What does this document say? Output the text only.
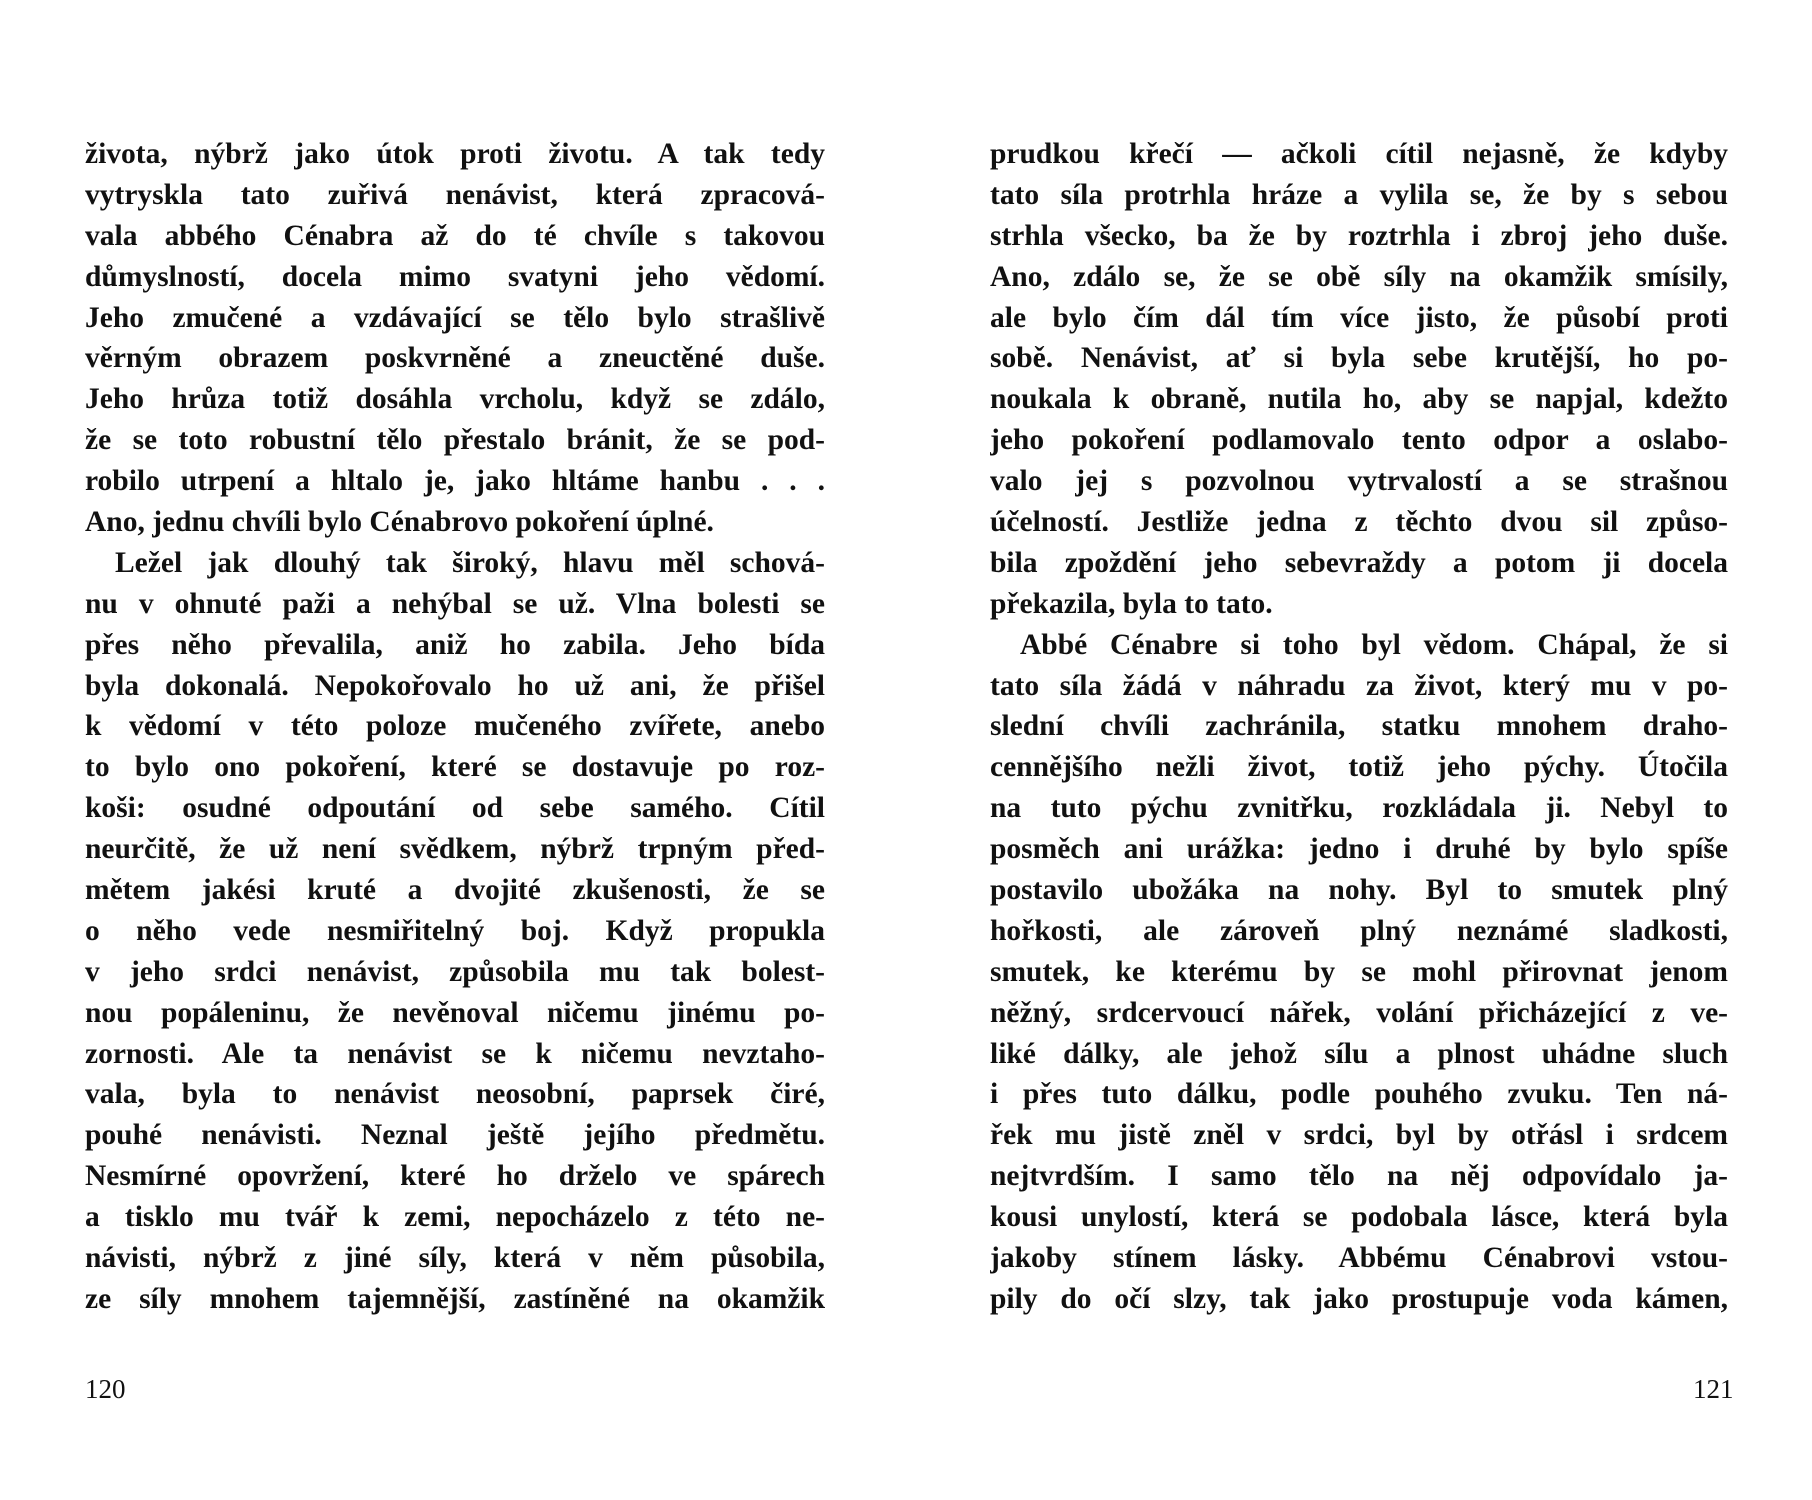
života, nýbrž jako útok proti životu. A tak tedy
vytryskla tato zuřivá nenávist, která zpracová-
vala abbého Cénabra až do té chvíle s takovou
důmyslností, docela mimo svatyni jeho vědomí.
Jeho zmučené a vzdávající se tělo bylo strašlivě
věrným obrazem poskvrněné a zneuctěné duše.
Jeho hrůza totiž dosáhla vrcholu, když se zdálo,
že se toto robustní tělo přestalo bránit, že se pod-
robilo utrpení a hltalo je, jako hltáme hanbu . . .
Ano, jednu chvíli bylo Cénabrovo pokoření úplné.
Ležel jak dlouhý tak široký, hlavu měl schová-
nu v ohnuté paži a nehýbal se už. Vlna bolesti se
přes něho převalila, aniž ho zabila. Jeho bída
byla dokonalá. Nepokořovalo ho už ani, že přišel
k vědomí v této poloze mučeného zvířete, anebo
to bylo ono pokoření, které se dostavuje po roz-
koši: osudné odpoutání od sebe samého. Cítil
neurčitě, že už není svědkem, nýbrž trpným před-
mětem jakési kruté a dvojité zkušenosti, že se
o něho vede nesmiřitelný boj. Když propukla
v jeho srdci nenávist, způsobila mu tak bolest-
nou popáleninu, že nevěnoval ničemu jinému po-
zornosti. Ale ta nenávist se k ničemu nevztaho-
vala, byla to nenávist neosobní, paprsek čiré,
pouhé nenávisti. Neznal ještě jejího předmětu.
Nesmírné opovržení, které ho drželo ve spárech
a tisklo mu tvář k zemi, nepocházelo z této ne-
návisti, nýbrž z jiné síly, která v něm působila,
ze síly mnohem tajemnější, zastíněné na okamžik
120
prudkou křečí — ačkoli cítil nejasně, že kdyby
tato síla protrhla hráze a vylila se, že by s sebou
strhla všecko, ba že by roztrhla i zbroj jeho duše.
Ano, zdálo se, že se obě síly na okamžik smísily,
ale bylo čím dál tím více jisto, že působí proti
sobě. Nenávist, ať si byla sebe krutější, ho po-
noukala k obraně, nutila ho, aby se napjal, kdežto
jeho pokoření podlamovalo tento odpor a oslabo-
valo jej s pozvolnou vytrvalostí a se strašnou
účelností. Jestliže jedna z těchto dvou sil způso-
bila zpoždění jeho sebevraždy a potom ji docela
překazila, byla to tato.
Abbé Cénabre si toho byl vědom. Chápal, že si
tato síla žádá v náhradu za život, který mu v po-
slední chvíli zachránila, statku mnohem draho-
cennějšího nežli život, totiž jeho pýchy. Útočila
na tuto pýchu zvnitřku, rozkládala ji. Nebyl to
posměch ani urážka: jedno i druhé by bylo spíše
postavilo ubožáka na nohy. Byl to smutek plný
hořkosti, ale zároveň plný neznámé sladkosti,
smutek, ke kterému by se mohl přirovnat jenom
něžný, srdcervoucí nářek, volání přicházející z ve-
liké dálky, ale jehož sílu a plnost uhádne sluch
i přes tuto dálku, podle pouhého zvuku. Ten ná-
řek mu jistě zněl v srdci, byl by otřásl i srdcem
nejtvrdším. I samo tělo na něj odpovídalo ja-
kousi unylostí, která se podobala lásce, která byla
jakoby stínem lásky. Abbému Cénabrovi vstou-
pily do očí slzy, tak jako prostupuje voda kámen,
121
